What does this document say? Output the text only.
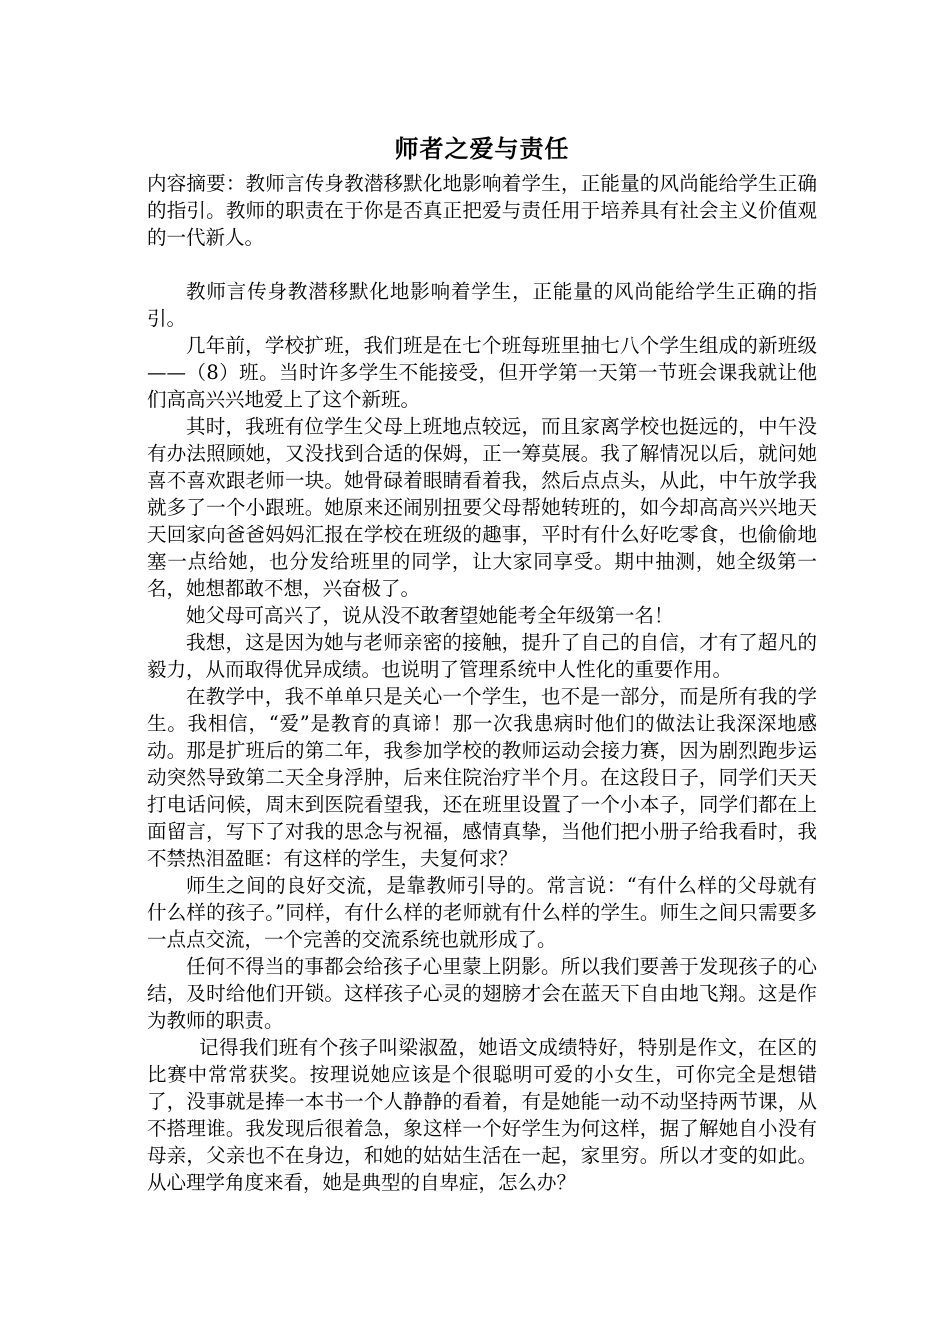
师者之爱与责任

内容摘要：教师言传身教潜移默化地影响着学生，正能量的风尚能给学生正确的指引。教师的职责在于你是否真正把爱与责任用于培养具有社会主义价值观的一代新人。

教师言传身教潜移默化地影响着学生，正能量的风尚能给学生正确的指引。

几年前，学校扩班，我们班是在七个班每班里抽七八个学生组成的新班级——（8）班。当时许多学生不能接受，但开学第一天第一节班会课我就让他们高高兴兴地爱上了这个新班。

其时，我班有位学生父母上班地点较远，而且家离学校也挺远的，中午没有办法照顾她，又没找到合适的保姆，正一筹莫展。我了解情况以后，就问她喜不喜欢跟老师一块。她骨碌着眼睛看着我，然后点点头，从此，中午放学我就多了一个小跟班。她原来还闹别扭要父母帮她转班的，如今却高高兴兴地天天回家向爸爸妈妈汇报在学校在班级的趣事，平时有什么好吃零食，也偷偷地塞一点给她，也分发给班里的同学，让大家同享受。期中抽测，她全级第一名，她想都敢不想，兴奋极了。

她父母可高兴了，说从没不敢奢望她能考全年级第一名！

我想，这是因为她与老师亲密的接触，提升了自己的自信，才有了超凡的毅力，从而取得优异成绩。也说明了管理系统中人性化的重要作用。

在教学中，我不单单只是关心一个学生，也不是一部分，而是所有我的学生。我相信，“爱”是教育的真谛！那一次我患病时他们的做法让我深深地感动。那是扩班后的第二年，我参加学校的教师运动会接力赛，因为剧烈跑步运动突然导致第二天全身浮肿，后来住院治疗半个月。在这段日子，同学们天天打电话问候，周末到医院看望我，还在班里设置了一个小本子，同学们都在上面留言，写下了对我的思念与祝福，感情真挚，当他们把小册子给我看时，我不禁热泪盈眶：有这样的学生，夫复何求？

师生之间的良好交流，是靠教师引导的。常言说：“有什么样的父母就有什么样的孩子。”同样，有什么样的老师就有什么样的学生。师生之间只需要多一点点交流，一个完善的交流系统也就形成了。

任何不得当的事都会给孩子心里蒙上阴影。所以我们要善于发现孩子的心结，及时给他们开锁。这样孩子心灵的翅膀才会在蓝天下自由地飞翔。这是作为教师的职责。

记得我们班有个孩子叫梁淑盈，她语文成绩特好，特别是作文，在区的比赛中常常获奖。按理说她应该是个很聪明可爱的小女生，可你完全是想错了，没事就是捧一本书一个人静静的看着，有是她能一动不动坚持两节课，从不搭理谁。我发现后很着急，象这样一个好学生为何这样，据了解她自小没有母亲，父亲也不在身边，和她的姑姑生活在一起，家里穷。所以才变的如此。从心理学角度来看，她是典型的自卑症，怎么办？
